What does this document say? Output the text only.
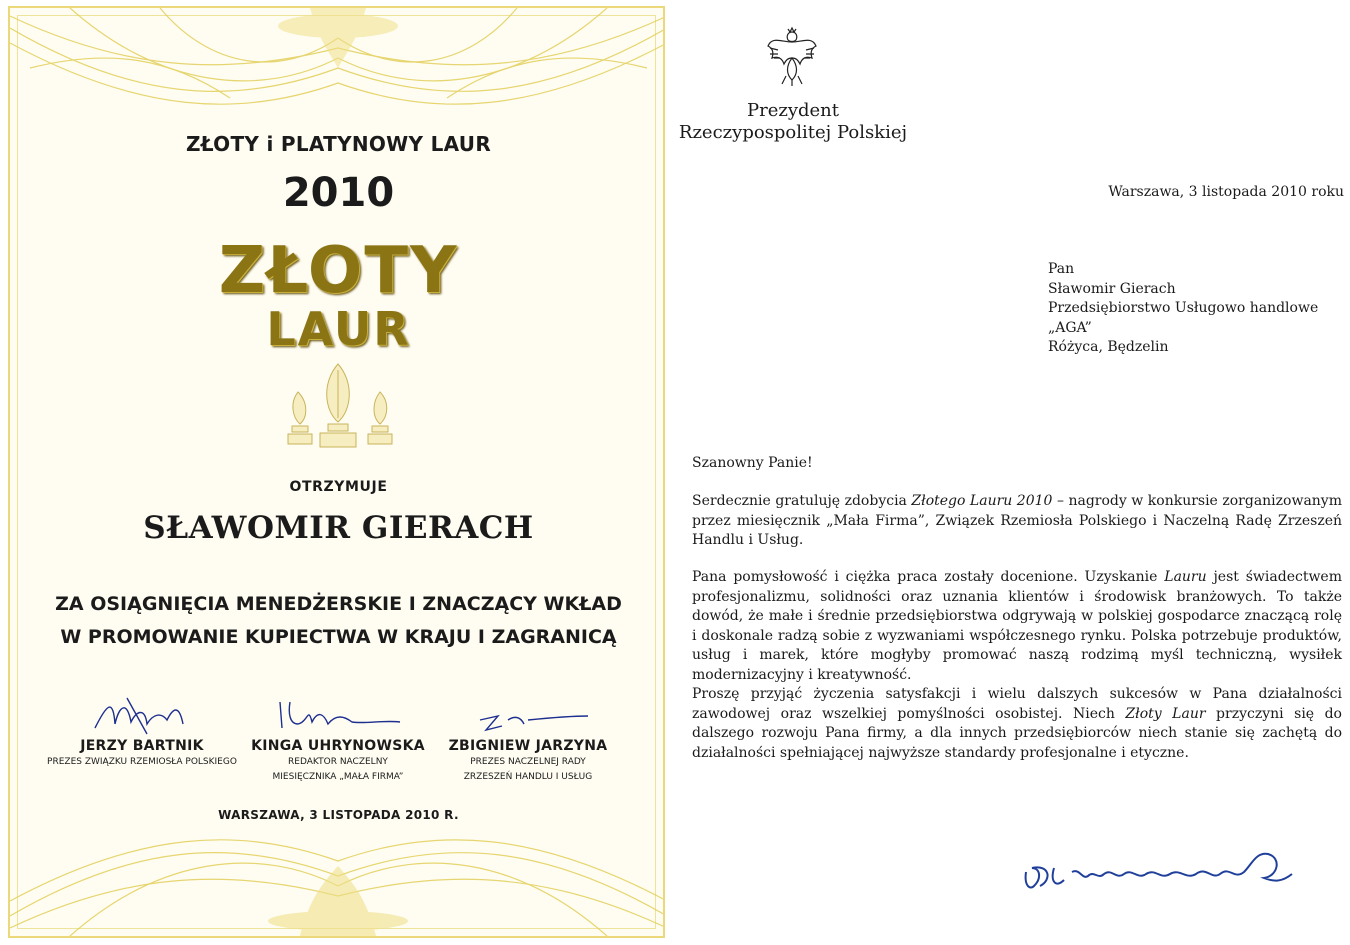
ZŁOTY i PLATYNOWY LAUR
2010
ZŁOTY
LAUR
OTRZYMUJE
SŁAWOMIR GIERACH
ZA OSIĄGNIĘCIA MENEDŻERSKIE I ZNACZĄCY WKŁAD
W PROMOWANIE KUPIECTWA W KRAJU I ZAGRANICĄ
JERZY BARTNIK
PREZES ZWIĄZKU RZEMIOSŁA POLSKIEGO
KINGA UHRYNOWSKA
REDAKTOR NACZELNY
MIESIĘCZNIKA „MAŁA FIRMA”
ZBIGNIEW JARZYNA
PREZES NACZELNEJ RADY
ZRZESZEŃ HANDLU I USŁUG
WARSZAWA, 3 LISTOPADA 2010 R.
Prezydent
Rzeczypospolitej Polskiej
Warszawa, 3 listopada 2010 roku
Pan
Sławomir Gierach
Przedsiębiorstwo Usługowo handlowe
„AGA”
Różyca, Będzelin
Szanowny Panie!
Serdecznie gratuluję zdobycia Złotego Lauru 2010 – nagrody w konkursie zorganizowanym przez miesięcznik „Mała Firma”, Związek Rzemiosła Polskiego i Naczelną Radę Zrzeszeń Handlu i Usług.
Pana pomysłowość i ciężka praca zostały docenione. Uzyskanie Lauru jest świadectwem profesjonalizmu, solidności oraz uznania klientów i środowisk branżowych. To także dowód, że małe i średnie przedsiębiorstwa odgrywają w polskiej gospodarce znaczącą rolę i doskonale radzą sobie z wyzwaniami współczesnego rynku. Polska potrzebuje produktów, usług i marek, które mogłyby promować naszą rodzimą myśl techniczną, wysiłek modernizacyjny i kreatywność.
Proszę przyjąć życzenia satysfakcji i wielu dalszych sukcesów w Pana działalności zawodowej oraz wszelkiej pomyślności osobistej. Niech Złoty Laur przyczyni się do dalszego rozwoju Pana firmy, a dla innych przedsiębiorców niech stanie się zachętą do działalności spełniającej najwyższe standardy profesjonalne i etyczne.
